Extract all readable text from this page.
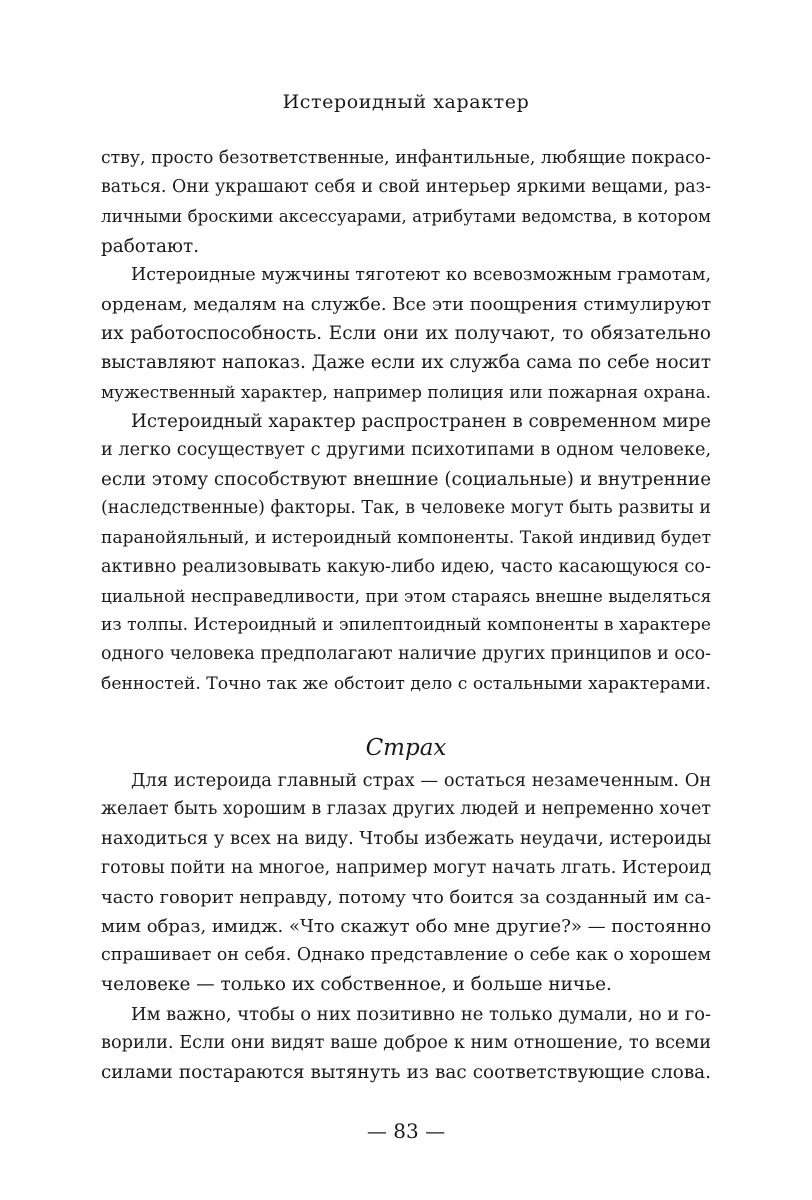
Истероидный характер

ству, просто безответственные, инфантильные, любящие покрасо-
ваться. Они украшают себя и свой интерьер яркими вещами, раз-
личными броскими аксессуарами, атрибутами ведомства, в котором
работают.

Истероидные мужчины тяготеют ко всевозможным грамотам,
орденам, медалям на службе. Все эти поощрения стимулируют
их работоспособность. Если они их получают, то обязательно
выставляют напоказ. Даже если их служба сама по себе носит
мужественный характер, например полиция или пожарная охрана.

Истероидный характер распространен в современном мире
и легко сосуществует с другими психотипами в одном человеке,
если этому способствуют внешние (социальные) и внутренние
(наследственные) факторы. Так, в человеке могут быть развиты и
паранойяльный, и истероидный компоненты. Такой индивид будет
активно реализовывать какую-либо идею, часто касающуюся со-
циальной несправедливости, при этом стараясь внешне выделяться
из толпы. Истероидный и эпилептоидный компоненты в характере
одного человека предполагают наличие других принципов и осо-
бенностей. Точно так же обстоит дело с остальными характерами.

Страх

Для истероида главный страх — остаться незамеченным. Он
желает быть хорошим в глазах других людей и непременно хочет
находиться у всех на виду. Чтобы избежать неудачи, истероиды
готовы пойти на многое, например могут начать лгать. Истероид
часто говорит неправду, потому что боится за созданный им са-
мим образ, имидж. «Что скажут обо мне другие?» — постоянно
спрашивает он себя. Однако представление о себе как о хорошем
человеке — только их собственное, и больше ничье.

Им важно, чтобы о них позитивно не только думали, но и го-
ворили. Если они видят ваше доброе к ним отношение, то всеми
силами постараются вытянуть из вас соответствующие слова.

— 83 —
